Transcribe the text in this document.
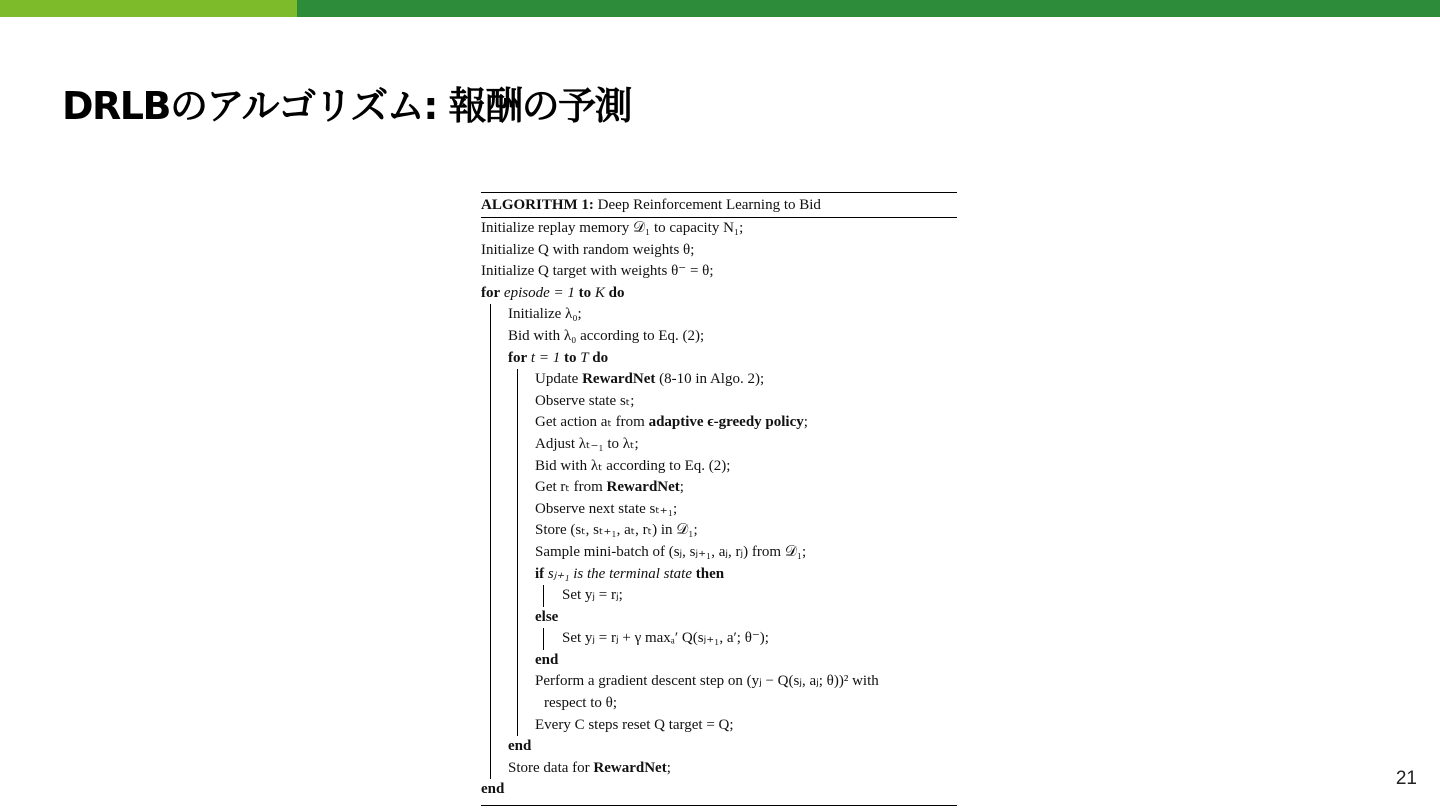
DRLBのアルゴリズム: 報酬の予測
ALGORITHM 1: Deep Reinforcement Learning to Bid
Initialize replay memory 𝒟₁ to capacity N₁;
Initialize Q with random weights θ;
Initialize Q target with weights θ⁻ = θ;
for episode = 1 to K do
Initialize λ₀;
Bid with λ₀ according to Eq. (2);
for t = 1 to T do
Update RewardNet (8-10 in Algo. 2);
Observe state sₜ;
Get action aₜ from adaptive ϵ-greedy policy;
Adjust λₜ₋₁ to λₜ;
Bid with λₜ according to Eq. (2);
Get rₜ from RewardNet;
Observe next state sₜ₊₁;
Store (sₜ, sₜ₊₁, aₜ, rₜ) in 𝒟₁;
Sample mini-batch of (sⱼ, sⱼ₊₁, aⱼ, rⱼ) from 𝒟₁;
if sⱼ₊₁ is the terminal state then
Set yⱼ = rⱼ;
else
Set yⱼ = rⱼ + γ maxₐ′ Q(sⱼ₊₁, a′; θ⁻);
end
Perform a gradient descent step on (yⱼ − Q(sⱼ, aⱼ; θ))² with
respect to θ;
Every C steps reset Q target = Q;
end
Store data for RewardNet;
end
21
